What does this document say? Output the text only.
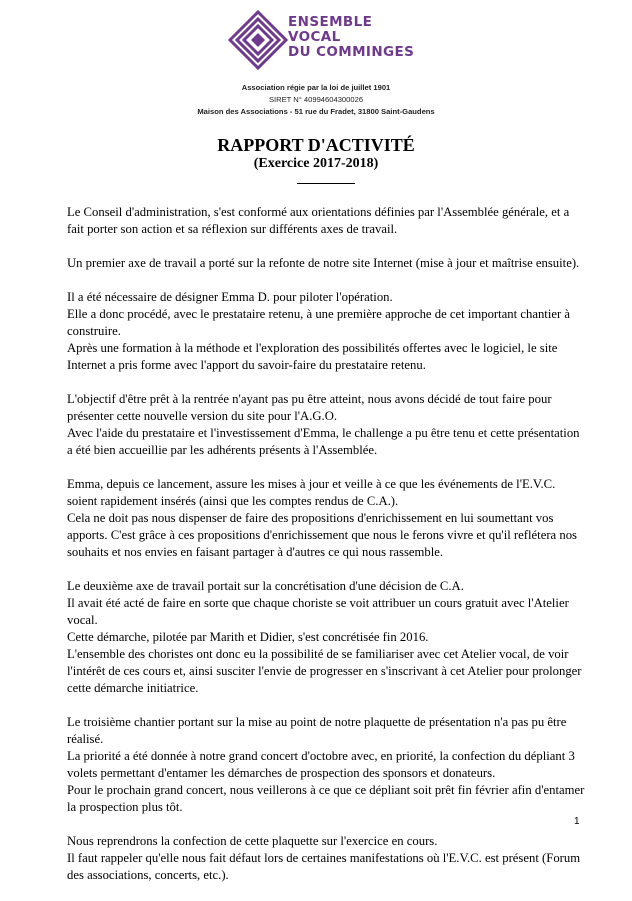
ENSEMBLE
VOCAL
DU COMMINGES
Association régie par la loi de juillet 1901
SIRET N° 40994604300026
Maison des Associations - 51 rue du Fradet, 31800 Saint-Gaudens
RAPPORT D'ACTIVITÉ
(Exercice 2017-2018)

Le Conseil d'administration, s'est conformé aux orientations définies par l'Assemblée générale, et a fait porter son action et sa réflexion sur différents axes de travail.

Un premier axe de travail a porté sur la refonte de notre site Internet (mise à jour et maîtrise ensuite).

Il a été nécessaire de désigner Emma D. pour piloter l'opération.
Elle a donc procédé, avec le prestataire retenu, à une première approche de cet important chantier à construire.
Après une formation à la méthode et l'exploration des possibilités offertes avec le logiciel, le site Internet a pris forme avec l'apport du savoir-faire du prestataire retenu.

L'objectif d'être prêt à la rentrée n'ayant pas pu être atteint, nous avons décidé de tout faire pour présenter cette nouvelle version du site pour l'A.G.O.
Avec l'aide du prestataire et l'investissement d'Emma, le challenge a pu être tenu et cette présentation a été bien accueillie par les adhérents présents à l'Assemblée.

Emma, depuis ce lancement, assure les mises à jour et veille à ce que les événements de l'E.V.C. soient rapidement insérés (ainsi que les comptes rendus de C.A.).
Cela ne doit pas nous dispenser de faire des propositions d'enrichissement en lui soumettant vos apports. C'est grâce à ces propositions d'enrichissement que nous le ferons vivre et qu'il reflétera nos souhaits et nos envies en faisant partager à d'autres ce qui nous rassemble.

Le deuxième axe de travail portait sur la concrétisation d'une décision de C.A.
Il avait été acté de faire en sorte que chaque choriste se voit attribuer un cours gratuit avec l'Atelier vocal.
Cette démarche, pilotée par Marith et Didier, s'est concrétisée fin 2016.
L'ensemble des choristes ont donc eu la possibilité de se familiariser avec cet Atelier vocal, de voir l'intérêt de ces cours et, ainsi susciter l'envie de progresser en s'inscrivant à cet Atelier pour prolonger cette démarche initiatrice.

Le troisième chantier portant sur la mise au point de notre plaquette de présentation n'a pas pu être réalisé.
La priorité a été donnée à notre grand concert d'octobre avec, en priorité, la confection du dépliant 3 volets permettant d'entamer les démarches de prospection des sponsors et donateurs.
Pour le prochain grand concert, nous veillerons à ce que ce dépliant soit prêt fin février afin d'entamer la prospection plus tôt.

Nous reprendrons la confection de cette plaquette sur l'exercice en cours.
Il faut rappeler qu'elle nous fait défaut lors de certaines manifestations où l'E.V.C. est présent (Forum des associations, concerts, etc.).

1
